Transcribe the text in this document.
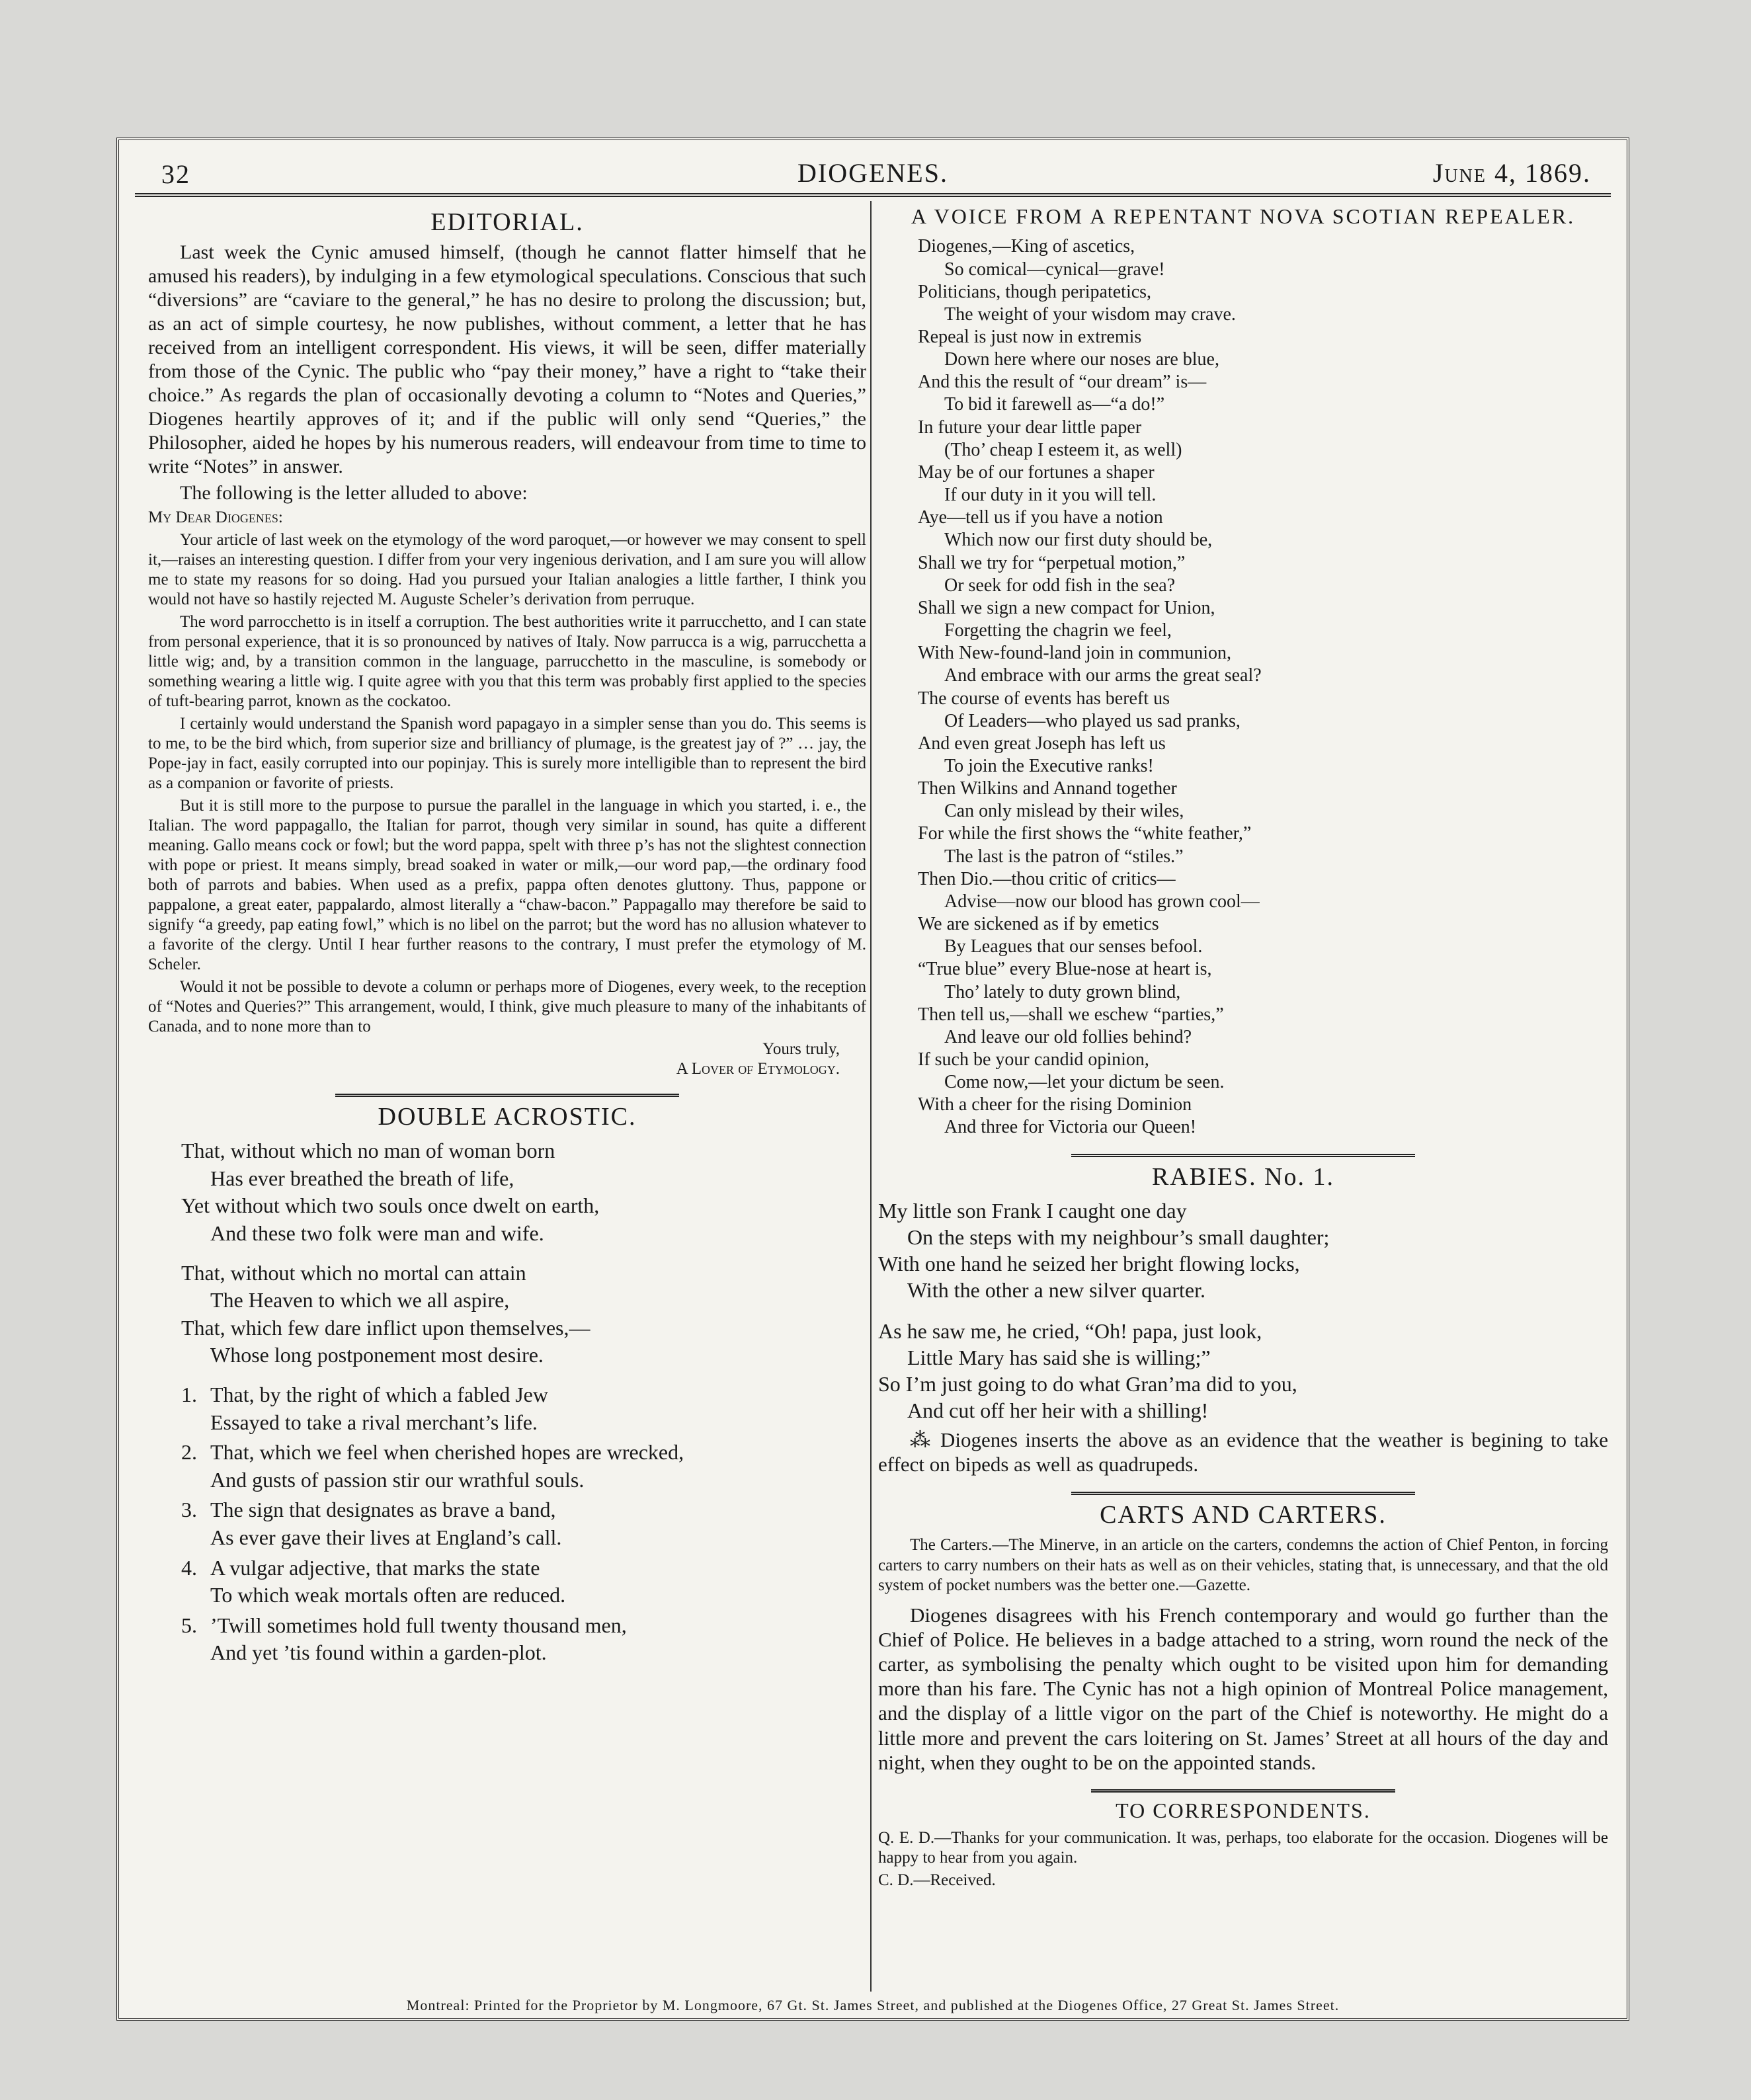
32	DIOGENES.	June 4, 1869.
EDITORIAL.

Last week the Cynic amused himself, (though he cannot flatter himself that he amused his readers), by indulging in a few etymological speculations. Conscious that such “diversions” are “caviare to the general,” he has no desire to prolong the discussion; but, as an act of simple courtesy, he now publishes, without comment, a letter that he has received from an intelligent correspondent. His views, it will be seen, differ materially from those of the Cynic. The public who “pay their money,” have a right to “take their choice.” As regards the plan of occasionally devoting a column to “Notes and Queries,” Diogenes heartily approves of it; and if the public will only send “Queries,” the Philosopher, aided he hopes by his numerous readers, will endeavour from time to time to write “Notes” in answer.

The following is the letter alluded to above:

My Dear Diogenes:

Your article of last week on the etymology of the word paroquet,—or however we may consent to spell it,—raises an interesting question. I differ from your very ingenious derivation, and I am sure you will allow me to state my reasons for so doing. Had you pursued your Italian analogies a little farther, I think you would not have so hastily rejected M. Auguste Scheler’s derivation from perruque.

The word parrocchetto is in itself a corruption. The best authorities write it parrucchetto, and I can state from personal experience, that it is so pronounced by natives of Italy. Now parrucca is a wig, parrucchetta a little wig; and, by a transition common in the language, parrucchetto in the masculine, is somebody or something wearing a little wig. I quite agree with you that this term was probably first applied to the species of tuft-bearing parrot, known as the cockatoo.

I certainly would understand the Spanish word papagayo in a simpler sense than you do. This seems is to me, to be the bird which, from superior size and brilliancy of plumage, is the greatest jay of ?” … jay, the Pope-jay in fact, easily corrupted into our popinjay. This is surely more intelligible than to represent the bird as a companion or favorite of priests.

But it is still more to the purpose to pursue the parallel in the language in which you started, i. e., the Italian. The word pappagallo, the Italian for parrot, though very similar in sound, has quite a different meaning. Gallo means cock or fowl; but the word pappa, spelt with three p’s has not the slightest connection with pope or priest. It means simply, bread soaked in water or milk,—our word pap,—the ordinary food both of parrots and babies. When used as a prefix, pappa often denotes gluttony. Thus, pappone or pappalone, a great eater, pappalardo, almost literally a “chaw-bacon.” Pappagallo may therefore be said to signify “a greedy, pap eating fowl,” which is no libel on the parrot; but the word has no allusion whatever to a favorite of the clergy. Until I hear further reasons to the contrary, I must prefer the etymology of M. Scheler.

Would it not be possible to devote a column or perhaps more of Diogenes, every week, to the reception of “Notes and Queries?” This arrangement, would, I think, give much pleasure to many of the inhabitants of Canada, and to none more than to

Yours truly,

A Lover of Etymology.

DOUBLE ACROSTIC.
That, without which no man of woman born
Has ever breathed the breath of life,
Yet without which two souls once dwelt on earth,
And these two folk were man and wife.
That, without which no mortal can attain
The Heaven to which we all aspire,
That, which few dare inflict upon themselves,—
Whose long postponement most desire.
1. That, by the right of which a fabled Jew
Essayed to take a rival merchant’s life.
2. That, which we feel when cherished hopes are wrecked,
And gusts of passion stir our wrathful souls.
3. The sign that designates as brave a band,
As ever gave their lives at England’s call.
4. A vulgar adjective, that marks the state
To which weak mortals often are reduced.
5. ’Twill sometimes hold full twenty thousand men,
And yet ’tis found within a garden-plot.
A VOICE FROM A REPENTANT NOVA SCOTIAN REPEALER.
Diogenes,—King of ascetics,
So comical—cynical—grave!
Politicians, though peripatetics,
The weight of your wisdom may crave.
Repeal is just now in extremis
Down here where our noses are blue,
And this the result of “our dream” is—
To bid it farewell as—“a do!”
In future your dear little paper
(Tho’ cheap I esteem it, as well)
May be of our fortunes a shaper
If our duty in it you will tell.
Aye—tell us if you have a notion
Which now our first duty should be,
Shall we try for “perpetual motion,”
Or seek for odd fish in the sea?
Shall we sign a new compact for Union,
Forgetting the chagrin we feel,
With New-found-land join in communion,
And embrace with our arms the great seal?
The course of events has bereft us
Of Leaders—who played us sad pranks,
And even great Joseph has left us
To join the Executive ranks!
Then Wilkins and Annand together
Can only mislead by their wiles,
For while the first shows the “white feather,”
The last is the patron of “stiles.”
Then Dio.—thou critic of critics—
Advise—now our blood has grown cool—
We are sickened as if by emetics
By Leagues that our senses befool.
“True blue” every Blue-nose at heart is,
Tho’ lately to duty grown blind,
Then tell us,—shall we eschew “parties,”
And leave our old follies behind?
If such be your candid opinion,
Come now,—let your dictum be seen.
With a cheer for the rising Dominion
And three for Victoria our Queen!
RABIES. No. 1.
My little son Frank I caught one day
On the steps with my neighbour’s small daughter;
With one hand he seized her bright flowing locks,
With the other a new silver quarter.
As he saw me, he cried, “Oh! papa, just look,
Little Mary has said she is willing;”
So I’m just going to do what Gran’ma did to you,
And cut off her heir with a shilling!

⁂ Diogenes inserts the above as an evidence that the weather is begining to take effect on bipeds as well as quadrupeds.

CARTS AND CARTERS.

The Carters.—The Minerve, in an article on the carters, condemns the action of Chief Penton, in forcing carters to carry numbers on their hats as well as on their vehicles, stating that, is unnecessary, and that the old system of pocket numbers was the better one.—Gazette.

Diogenes disagrees with his French contemporary and would go further than the Chief of Police. He believes in a badge attached to a string, worn round the neck of the carter, as symbolising the penalty which ought to be visited upon him for demanding more than his fare. The Cynic has not a high opinion of Montreal Police management, and the display of a little vigor on the part of the Chief is noteworthy. He might do a little more and prevent the cars loitering on St. James’ Street at all hours of the day and night, when they ought to be on the appointed stands.

TO CORRESPONDENTS.

Q. E. D.—Thanks for your communication. It was, perhaps, too elaborate for the occasion. Diogenes will be happy to hear from you again.

C. D.—Received.

Montreal: Printed for the Proprietor by M. Longmoore, 67 Gt. St. James Street, and published at the Diogenes Office, 27 Great St. James Street.
